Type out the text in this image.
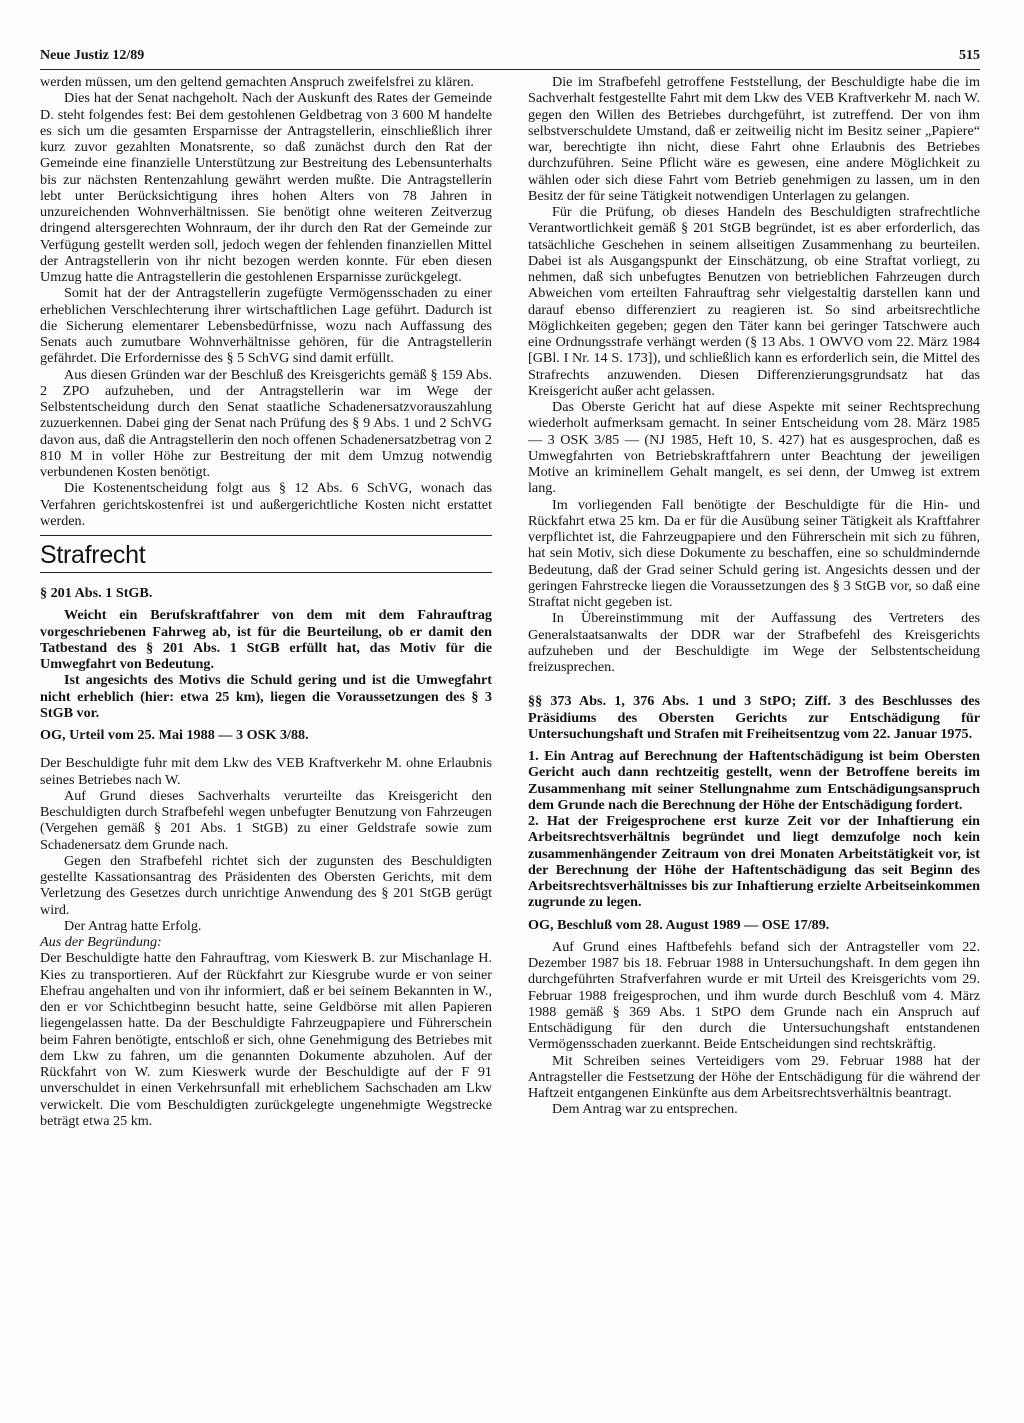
Neue Justiz 12/89	515

werden müssen, um den geltend gemachten Anspruch zweifelsfrei zu klären.

Dies hat der Senat nachgeholt. Nach der Auskunft des Rates der Gemeinde D. steht folgendes fest: Bei dem gestohlenen Geldbetrag von 3 600 M handelte es sich um die gesamten Ersparnisse der Antragstellerin, einschließlich ihrer kurz zuvor gezahlten Monatsrente, so daß zunächst durch den Rat der Gemeinde eine finanzielle Unterstützung zur Bestreitung des Lebensunterhalts bis zur nächsten Rentenzahlung gewährt werden mußte. Die Antragstellerin lebt unter Berücksichtigung ihres hohen Alters von 78 Jahren in unzureichenden Wohnverhältnissen. Sie benötigt ohne weiteren Zeitverzug dringend altersgerechten Wohnraum, der ihr durch den Rat der Gemeinde zur Verfügung gestellt werden soll, jedoch wegen der fehlenden finanziellen Mittel der Antragstellerin von ihr nicht bezogen werden konnte. Für eben diesen Umzug hatte die Antragstellerin die gestohlenen Ersparnisse zurückgelegt.

Somit hat der der Antragstellerin zugefügte Vermögensschaden zu einer erheblichen Verschlechterung ihrer wirtschaftlichen Lage geführt. Dadurch ist die Sicherung elementarer Lebensbedürfnisse, wozu nach Auffassung des Senats auch zumutbare Wohnverhältnisse gehören, für die Antragstellerin gefährdet. Die Erfordernisse des § 5 SchVG sind damit erfüllt.

Aus diesen Gründen war der Beschluß des Kreisgerichts gemäß § 159 Abs. 2 ZPO aufzuheben, und der Antragstellerin war im Wege der Selbstentscheidung durch den Senat staatliche Schadenersatzvorauszahlung zuzuerkennen. Dabei ging der Senat nach Prüfung des § 9 Abs. 1 und 2 SchVG davon aus, daß die Antragstellerin den noch offenen Schadenersatzbetrag von 2 810 M in voller Höhe zur Bestreitung der mit dem Umzug notwendig verbundenen Kosten benötigt.

Die Kostenentscheidung folgt aus § 12 Abs. 6 SchVG, wonach das Verfahren gerichtskostenfrei ist und außergerichtliche Kosten nicht erstattet werden.

Strafrecht

§ 201 Abs. 1 StGB.

Weicht ein Berufskraftfahrer von dem mit dem Fahrauftrag vorgeschriebenen Fahrweg ab, ist für die Beurteilung, ob er damit den Tatbestand des § 201 Abs. 1 StGB erfüllt hat, das Motiv für die Umwegfahrt von Bedeutung.

Ist angesichts des Motivs die Schuld gering und ist die Umwegfahrt nicht erheblich (hier: etwa 25 km), liegen die Voraussetzungen des § 3 StGB vor.

OG, Urteil vom 25. Mai 1988 — 3 OSK 3/88.

Der Beschuldigte fuhr mit dem Lkw des VEB Kraftverkehr M. ohne Erlaubnis seines Betriebes nach W.

Auf Grund dieses Sachverhalts verurteilte das Kreisgericht den Beschuldigten durch Strafbefehl wegen unbefugter Benutzung von Fahrzeugen (Vergehen gemäß § 201 Abs. 1 StGB) zu einer Geldstrafe sowie zum Schadenersatz dem Grunde nach.

Gegen den Strafbefehl richtet sich der zugunsten des Beschuldigten gestellte Kassationsantrag des Präsidenten des Obersten Gerichts, mit dem Verletzung des Gesetzes durch unrichtige Anwendung des § 201 StGB gerügt wird.

Der Antrag hatte Erfolg.

Aus der Begründung:

Der Beschuldigte hatte den Fahrauftrag, vom Kieswerk B. zur Mischanlage H. Kies zu transportieren. Auf der Rückfahrt zur Kiesgrube wurde er von seiner Ehefrau angehalten und von ihr informiert, daß er bei seinem Bekannten in W., den er vor Schichtbeginn besucht hatte, seine Geldbörse mit allen Papieren liegengelassen hatte. Da der Beschuldigte Fahrzeugpapiere und Führerschein beim Fahren benötigte, entschloß er sich, ohne Genehmigung des Betriebes mit dem Lkw zu fahren, um die genannten Dokumente abzuholen. Auf der Rückfahrt von W. zum Kieswerk wurde der Beschuldigte auf der F 91 unverschuldet in einen Verkehrsunfall mit erheblichem Sachschaden am Lkw verwickelt. Die vom Beschuldigten zurückgelegte ungenehmigte Wegstrecke beträgt etwa 25 km.

Die im Strafbefehl getroffene Feststellung, der Beschuldigte habe die im Sachverhalt festgestellte Fahrt mit dem Lkw des VEB Kraftverkehr M. nach W. gegen den Willen des Betriebes durchgeführt, ist zutreffend. Der von ihm selbstverschuldete Umstand, daß er zeitweilig nicht im Besitz seiner „Papiere“ war, berechtigte ihn nicht, diese Fahrt ohne Erlaubnis des Betriebes durchzuführen. Seine Pflicht wäre es gewesen, eine andere Möglichkeit zu wählen oder sich diese Fahrt vom Betrieb genehmigen zu lassen, um in den Besitz der für seine Tätigkeit notwendigen Unterlagen zu gelangen.

Für die Prüfung, ob dieses Handeln des Beschuldigten strafrechtliche Verantwortlichkeit gemäß § 201 StGB begründet, ist es aber erforderlich, das tatsächliche Geschehen in seinem allseitigen Zusammenhang zu beurteilen. Dabei ist als Ausgangspunkt der Einschätzung, ob eine Straftat vorliegt, zu nehmen, daß sich unbefugtes Benutzen von betrieblichen Fahrzeugen durch Abweichen vom erteilten Fahrauftrag sehr vielgestaltig darstellen kann und darauf ebenso differenziert zu reagieren ist. So sind arbeitsrechtliche Möglichkeiten gegeben; gegen den Täter kann bei geringer Tatschwere auch eine Ordnungsstrafe verhängt werden (§ 13 Abs. 1 OWVO vom 22. März 1984 [GBl. I Nr. 14 S. 173]), und schließlich kann es erforderlich sein, die Mittel des Strafrechts anzuwenden. Diesen Differenzierungsgrundsatz hat das Kreisgericht außer acht gelassen.

Das Oberste Gericht hat auf diese Aspekte mit seiner Rechtsprechung wiederholt aufmerksam gemacht. In seiner Entscheidung vom 28. März 1985 — 3 OSK 3/85 — (NJ 1985, Heft 10, S. 427) hat es ausgesprochen, daß es Umwegfahrten von Betriebskraftfahrern unter Beachtung der jeweiligen Motive an kriminellem Gehalt mangelt, es sei denn, der Umweg ist extrem lang.

Im vorliegenden Fall benötigte der Beschuldigte für die Hin- und Rückfahrt etwa 25 km. Da er für die Ausübung seiner Tätigkeit als Kraftfahrer verpflichtet ist, die Fahrzeugpapiere und den Führerschein mit sich zu führen, hat sein Motiv, sich diese Dokumente zu beschaffen, eine so schuldmindernde Bedeutung, daß der Grad seiner Schuld gering ist. Angesichts dessen und der geringen Fahrstrecke liegen die Voraussetzungen des § 3 StGB vor, so daß eine Straftat nicht gegeben ist.

In Übereinstimmung mit der Auffassung des Vertreters des Generalstaatsanwalts der DDR war der Strafbefehl des Kreisgerichts aufzuheben und der Beschuldigte im Wege der Selbstentscheidung freizusprechen.

§§ 373 Abs. 1, 376 Abs. 1 und 3 StPO; Ziff. 3 des Beschlusses des Präsidiums des Obersten Gerichts zur Entschädigung für Untersuchungshaft und Strafen mit Freiheitsentzug vom 22. Januar 1975.

1. Ein Antrag auf Berechnung der Haftentschädigung ist beim Obersten Gericht auch dann rechtzeitig gestellt, wenn der Betroffene bereits im Zusammenhang mit seiner Stellungnahme zum Entschädigungsanspruch dem Grunde nach die Berechnung der Höhe der Entschädigung fordert.

2. Hat der Freigesprochene erst kurze Zeit vor der Inhaftierung ein Arbeitsrechtsverhältnis begründet und liegt demzufolge noch kein zusammenhängender Zeitraum von drei Monaten Arbeitstätigkeit vor, ist der Berechnung der Höhe der Haftentschädigung das seit Beginn des Arbeitsrechtsverhältnisses bis zur Inhaftierung erzielte Arbeitseinkommen zugrunde zu legen.

OG, Beschluß vom 28. August 1989 — OSE 17/89.

Auf Grund eines Haftbefehls befand sich der Antragsteller vom 22. Dezember 1987 bis 18. Februar 1988 in Untersuchungshaft. In dem gegen ihn durchgeführten Strafverfahren wurde er mit Urteil des Kreisgerichts vom 29. Februar 1988 freigesprochen, und ihm wurde durch Beschluß vom 4. März 1988 gemäß § 369 Abs. 1 StPO dem Grunde nach ein Anspruch auf Entschädigung für den durch die Untersuchungshaft entstandenen Vermögensschaden zuerkannt. Beide Entscheidungen sind rechtskräftig.

Mit Schreiben seines Verteidigers vom 29. Februar 1988 hat der Antragsteller die Festsetzung der Höhe der Entschädigung für die während der Haftzeit entgangenen Einkünfte aus dem Arbeitsrechtsverhältnis beantragt.

Dem Antrag war zu entsprechen.
